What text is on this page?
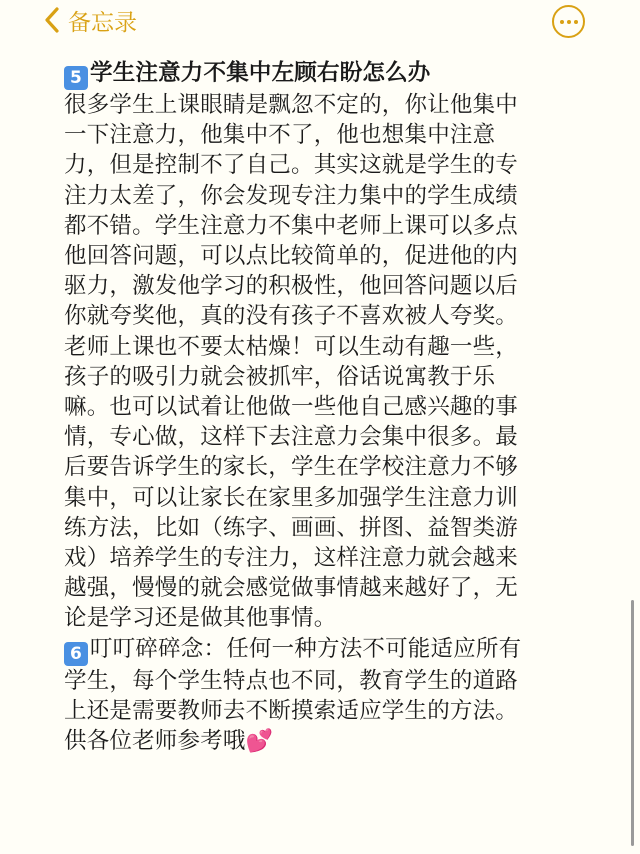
备忘录

5 学生注意力不集中左顾右盼怎么办

很多学生上课眼睛是飘忽不定的，你让他集中

一下注意力，他集中不了，他也想集中注意

力，但是控制不了自己。其实这就是学生的专

注力太差了，你会发现专注力集中的学生成绩

都不错。学生注意力不集中老师上课可以多点

他回答问题，可以点比较简单的，促进他的内

驱力，激发他学习的积极性，他回答问题以后

你就夸奖他，真的没有孩子不喜欢被人夸奖。

老师上课也不要太枯燥！可以生动有趣一些，

孩子的吸引力就会被抓牢，俗话说寓教于乐

嘛。也可以试着让他做一些他自己感兴趣的事

情，专心做，这样下去注意力会集中很多。最

后要告诉学生的家长，学生在学校注意力不够

集中，可以让家长在家里多加强学生注意力训

练方法，比如（练字、画画、拼图、益智类游

戏）培养学生的专注力，这样注意力就会越来

越强，慢慢的就会感觉做事情越来越好了，无

论是学习还是做其他事情。

6 叮叮碎碎念：任何一种方法不可能适应所有

学生，每个学生特点也不同，教育学生的道路

上还是需要教师去不断摸索适应学生的方法。

供各位老师参考哦💕
